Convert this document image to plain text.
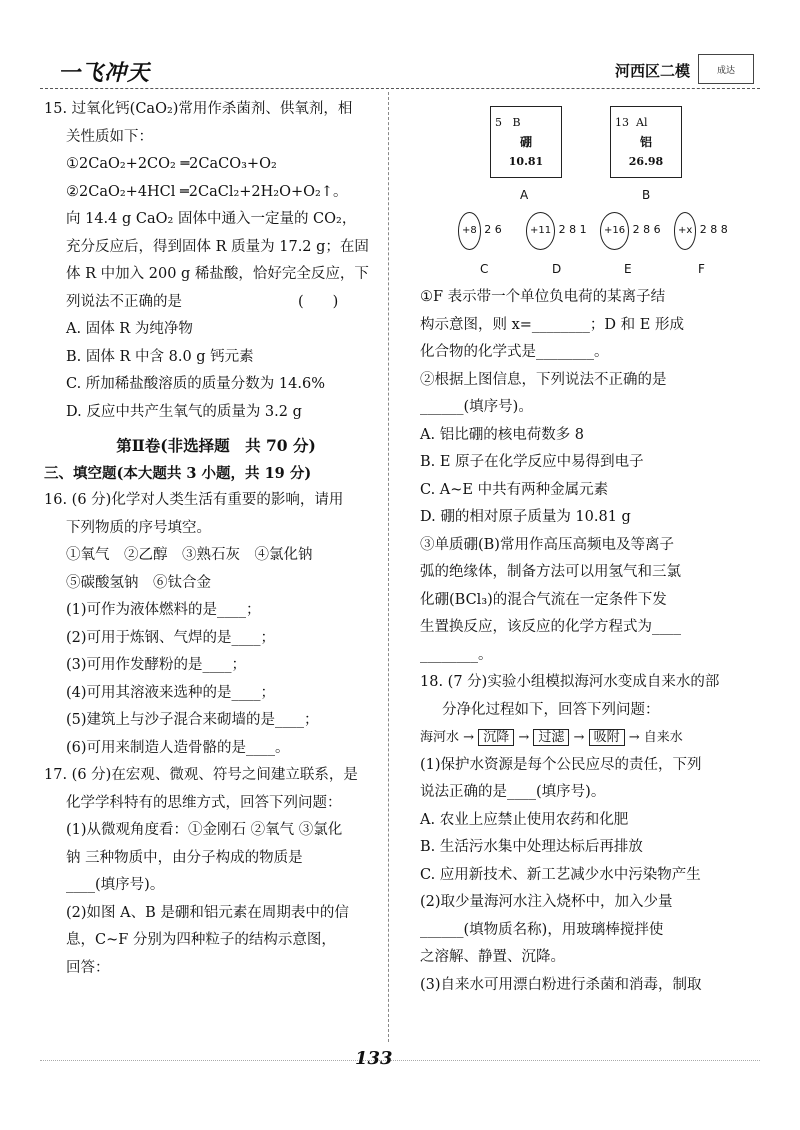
一飞冲天	河西区二模	成达
15. 过氧化钙(CaO₂)常用作杀菌剂、供氧剂，相
关性质如下：
①2CaO₂+2CO₂ ═2CaCO₃+O₂
②2CaO₂+4HCl ═2CaCl₂+2H₂O+O₂↑。
向 14.4 g CaO₂ 固体中通入一定量的 CO₂，
充分反应后，得到固体 R 质量为 17.2 g；在固
体 R 中加入 200 g 稀盐酸，恰好完全反应，下
列说法不正确的是　　　　　　　　(　　)
A. 固体 R 为纯净物
B. 固体 R 中含 8.0 g 钙元素
C. 所加稀盐酸溶质的质量分数为 14.6%
D. 反应中共产生氧气的质量为 3.2 g
第Ⅱ卷(非选择题　共 70 分)
三、填空题(本大题共 3 小题，共 19 分)
16. (6 分)化学对人类生活有重要的影响，请用
下列物质的序号填空。
①氧气　②乙醇　③熟石灰　④氯化钠
⑤碳酸氢钠　⑥钛合金
(1)可作为液体燃料的是____；
(2)可用于炼钢、气焊的是____；
(3)可用作发酵粉的是____；
(4)可用其溶液来选种的是____；
(5)建筑上与沙子混合来砌墙的是____；
(6)可用来制造人造骨骼的是____。
17. (6 分)在宏观、微观、符号之间建立联系，是
化学学科特有的思维方式，回答下列问题：
(1)从微观角度看：①金刚石 ②氧气 ③氯化
钠 三种物质中，由分子构成的物质是
____(填序号)。
(2)如图 A、B 是硼和铝元素在周期表中的信
息，C~F 分别为四种粒子的结构示意图，
回答：
5 B
硼
10.81
A
13 Al
铝
26.98
B
+8 2 6
C
+11 2 8 1
D
+16 2 8 6
E
+x 2 8 8
F
①F 表示带一个单位负电荷的某离子结
构示意图，则 x=________；D 和 E 形成
化合物的化学式是________。
②根据上图信息，下列说法不正确的是
______(填序号)。
A. 铝比硼的核电荷数多 8
B. E 原子在化学反应中易得到电子
C. A~E 中共有两种金属元素
D. 硼的相对原子质量为 10.81 g
③单质硼(B)常用作高压高频电及等离子
弧的绝缘体，制备方法可以用氢气和三氯
化硼(BCl₃)的混合气流在一定条件下发
生置换反应，该反应的化学方程式为____
________。
18. (7 分)实验小组模拟海河水变成自来水的部
分净化过程如下，回答下列问题：
海河水 → 沉降 → 过滤 → 吸附 → 自来水
(1)保护水资源是每个公民应尽的责任，下列
说法正确的是____(填序号)。
A. 农业上应禁止使用农药和化肥
B. 生活污水集中处理达标后再排放
C. 应用新技术、新工艺减少水中污染物产生
(2)取少量海河水注入烧杯中，加入少量
______(填物质名称)，用玻璃棒搅拌使
之溶解、静置、沉降。
(3)自来水可用漂白粉进行杀菌和消毒，制取
133
